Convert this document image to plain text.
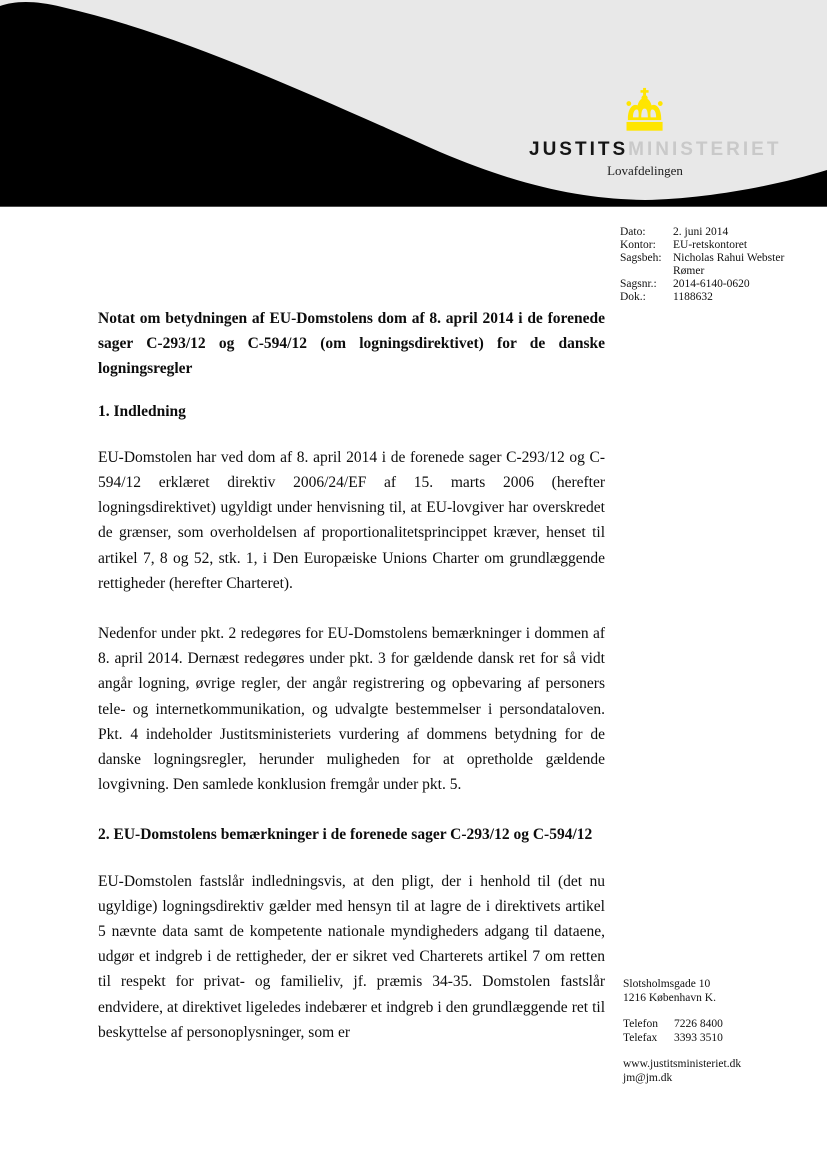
JUSTITSMINISTERIET
Lovafdelingen
Dato:	2. juni 2014
Kontor:	EU-retskontoret
Sagsbeh: Nicholas Rahui Webster Rømer
Sagsnr.:	2014-6140-0620
Dok.:	1188632

Notat om betydningen af EU-Domstolens dom af 8. april 2014 i de forenede sager C-293/12 og C-594/12 (om logningsdirektivet) for de danske logningsregler

1. Indledning

EU-Domstolen har ved dom af 8. april 2014 i de forenede sager C-293/12 og C-594/12 erklæret direktiv 2006/24/EF af 15. marts 2006 (herefter logningsdirektivet) ugyldigt under henvisning til, at EU-lovgiver har overskredet de grænser, som overholdelsen af proportionalitetsprincippet kræver, henset til artikel 7, 8 og 52, stk. 1, i Den Europæiske Unions Charter om grundlæggende rettigheder (herefter Charteret).

Nedenfor under pkt. 2 redegøres for EU-Domstolens bemærkninger i dommen af 8. april 2014. Dernæst redegøres under pkt. 3 for gældende dansk ret for så vidt angår logning, øvrige regler, der angår registrering og opbevaring af personers tele- og internetkommunikation, og udvalgte bestemmelser i persondataloven. Pkt. 4 indeholder Justitsministeriets vurdering af dommens betydning for de danske logningsregler, herunder muligheden for at opretholde gældende lovgivning. Den samlede konklusion fremgår under pkt. 5.

2. EU-Domstolens bemærkninger i de forenede sager C-293/12 og C-594/12

EU-Domstolen fastslår indledningsvis, at den pligt, der i henhold til (det nu ugyldige) logningsdirektiv gælder med hensyn til at lagre de i direktivets artikel 5 nævnte data samt de kompetente nationale myndigheders adgang til dataene, udgør et indgreb i de rettigheder, der er sikret ved Charterets artikel 7 om retten til respekt for privat- og familieliv, jf. præmis 34-35. Domstolen fastslår endvidere, at direktivet ligeledes indebærer et indgreb i den grundlæggende ret til beskyttelse af personoplysninger, som er

Slotsholmsgade 10
1216 København K.
Telefon	7226 8400
Telefax	3393 3510
www.justitsministeriet.dk
jm@jm.dk
